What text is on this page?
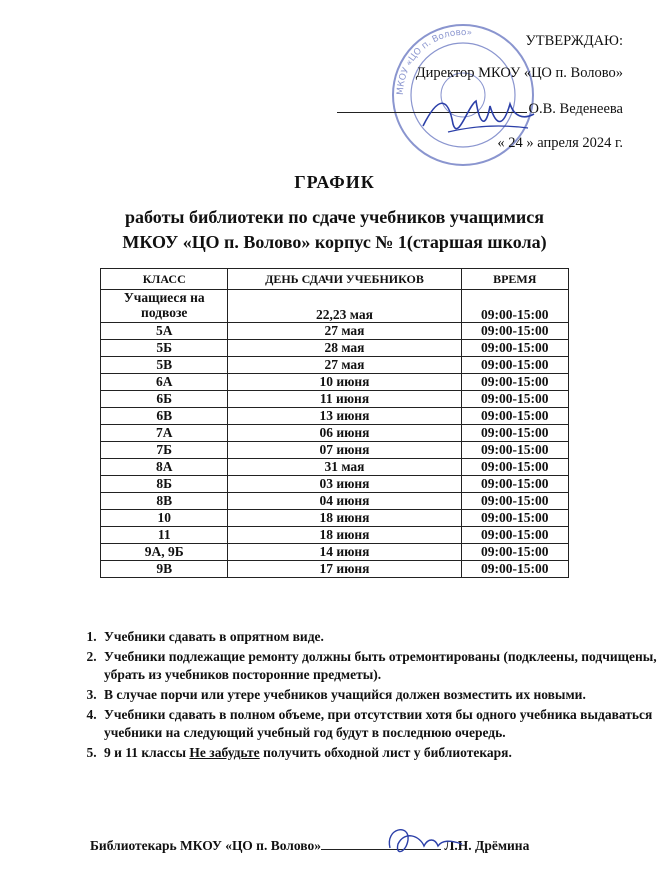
МКОУ «ЦО п. Волово»	УТВЕРЖДАЮ:
Директор МКОУ «ЦО п. Волово»
О.В. Веденеева
« 24 » апреля 2024 г.
ГРАФИК
работы библиотеки по сдаче учебников учащимися
МКОУ «ЦО п. Волово» корпус № 1(старшая школа)
КЛАСС	ДЕНЬ СДАЧИ УЧЕБНИКОВ	ВРЕМЯ
Учащиеся на подвозе	22,23 мая	09:00-15:00
5А	27 мая	09:00-15:00
5Б	28 мая	09:00-15:00
5В	27 мая	09:00-15:00
6А	10 июня	09:00-15:00
6Б	11 июня	09:00-15:00
6В	13 июня	09:00-15:00
7А	06 июня	09:00-15:00
7Б	07 июня	09:00-15:00
8А	31 мая	09:00-15:00
8Б	03 июня	09:00-15:00
8В	04 июня	09:00-15:00
10	18 июня	09:00-15:00
11	18 июня	09:00-15:00
9А, 9Б	14 июня	09:00-15:00
9В	17 июня	09:00-15:00
1. Учебники сдавать в опрятном виде.
2. Учебники подлежащие ремонту должны быть отремонтированы (подклеены, подчищены, убрать из учебников посторонние предметы).
3. В случае порчи или утере учебников учащийся должен возместить их новыми.
4. Учебники сдавать в полном объеме, при отсутствии хотя бы одного учебника выдаваться учебники на следующий учебный год будут в последнюю очередь.
5. 9 и 11 классы Не забудьте получить обходной лист у библиотекаря.
Библиотекарь МКОУ «ЦО п. Волово»	Л.Н. Дрёмина
